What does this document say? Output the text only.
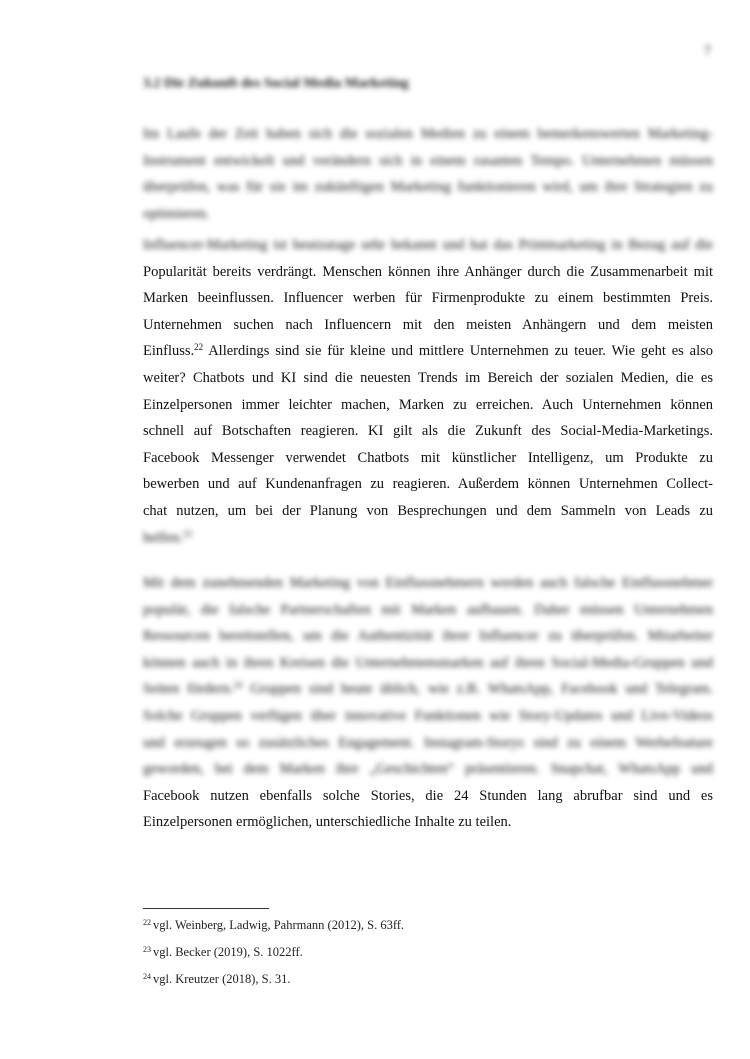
7
3.2 Die Zukunft des Social Media Marketing
Im Laufe der Zeit haben sich die sozialen Medien zu einem bemerkenswerten Marketing-
Instrument entwickelt und verändern sich in einem rasanten Tempo. Unternehmen müssen
überprüfen, was für sie im zukünftigen Marketing funktionieren wird, um ihre Strategien zu
optimieren.
Influencer-Marketing ist heutzutage sehr bekannt und hat das Printmarketing in Bezug auf die
Popularität bereits verdrängt. Menschen können ihre Anhänger durch die Zusammenarbeit mit
Marken beeinflussen. Influencer werben für Firmenprodukte zu einem bestimmten Preis.
Unternehmen suchen nach Influencern mit den meisten Anhängern und dem meisten
Einfluss.$^{22}$ Allerdings sind sie für kleine und mittlere Unternehmen zu teuer. Wie geht es also
weiter? Chatbots und KI sind die neuesten Trends im Bereich der sozialen Medien, die es
Einzelpersonen immer leichter machen, Marken zu erreichen. Auch Unternehmen können
schnell auf Botschaften reagieren. KI gilt als die Zukunft des Social-Media-Marketings.
Facebook Messenger verwendet Chatbots mit künstlicher Intelligenz, um Produkte zu
bewerben und auf Kundenanfragen zu reagieren. Außerdem können Unternehmen Collect-
chat nutzen, um bei der Planung von Besprechungen und dem Sammeln von Leads zu
helfen.$^{23}$
Mit dem zunehmenden Marketing von Einflussnehmern werden auch falsche Einflussnehmer
populär, die falsche Partnerschaften mit Marken aufbauen. Daher müssen Unternehmen
Ressourcen bereitstellen, um die Authentizität ihrer Influencer zu überprüfen. Mitarbeiter
können auch in ihren Kreisen die Unternehmensmarken auf ihren Social-Media-Gruppen und
Seiten fördern.$^{24}$ Gruppen sind heute üblich, wie z.B. WhatsApp, Facebook und Telegram.
Solche Gruppen verfügen über innovative Funktionen wie Story-Updates und Live-Videos
und erzeugen so zusätzliches Engagement. Instagram-Storys sind zu einem Werbefeature
geworden, bei dem Marken ihre „Geschichten“ präsentieren. Snapchat, WhatsApp und
Facebook nutzen ebenfalls solche Stories, die 24 Stunden lang abrufbar sind und es
Einzelpersonen ermöglichen, unterschiedliche Inhalte zu teilen.
$^{22}$ vgl. Weinberg, Ladwig, Pahrmann (2012), S. 63ff.
$^{23}$ vgl. Becker (2019), S. 1022ff.
$^{24}$ vgl. Kreutzer (2018), S. 31.
